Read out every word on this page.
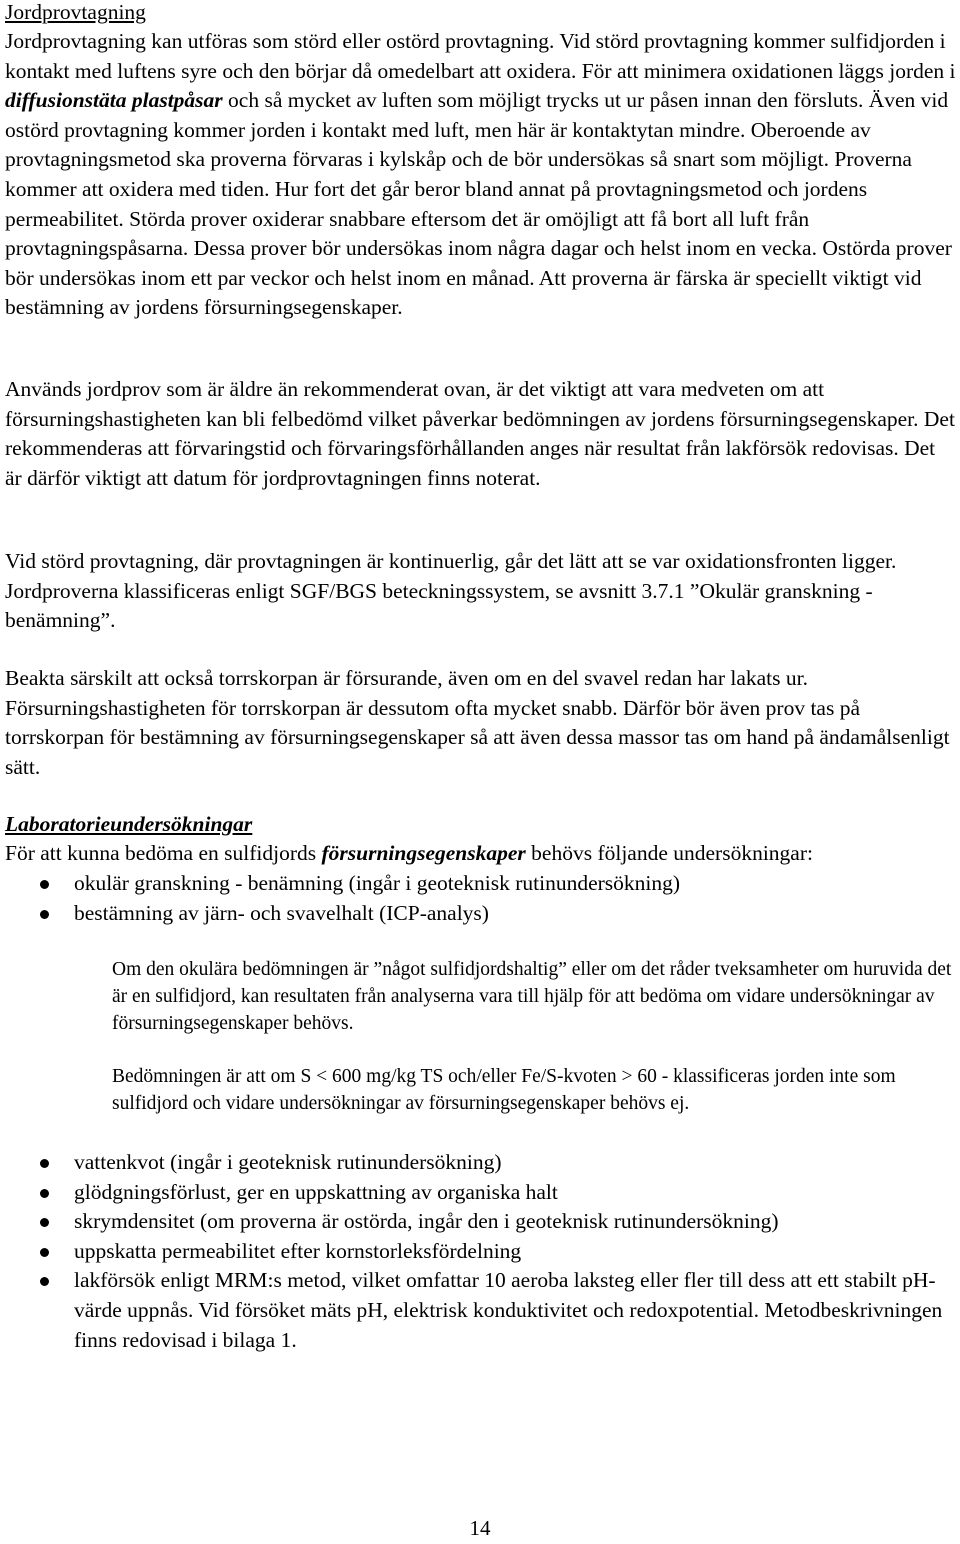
Jordprovtagning

Jordprovtagning kan utföras som störd eller ostörd provtagning. Vid störd provtagning kommer sulfidjorden i kontakt med luftens syre och den börjar då omedelbart att oxidera. För att minimera oxidationen läggs jorden i diffusionstäta plastpåsar och så mycket av luften som möjligt trycks ut ur påsen innan den försluts. Även vid ostörd provtagning kommer jorden i kontakt med luft, men här är kontaktytan mindre. Oberoende av provtagningsmetod ska proverna förvaras i kylskåp och de bör undersökas så snart som möjligt. Proverna kommer att oxidera med tiden. Hur fort det går beror bland annat på provtagningsmetod och jordens permeabilitet. Störda prover oxiderar snabbare eftersom det är omöjligt att få bort all luft från provtagningspåsarna. Dessa prover bör undersökas inom några dagar och helst inom en vecka. Ostörda prover bör undersökas inom ett par veckor och helst inom en månad. Att proverna är färska är speciellt viktigt vid bestämning av jordens försurningsegenskaper.

Används jordprov som är äldre än rekommenderat ovan, är det viktigt att vara medveten om att försurningshastigheten kan bli felbedömd vilket påverkar bedömningen av jordens försurningsegenskaper. Det rekommenderas att förvaringstid och förvaringsförhållanden anges när resultat från lakförsök redovisas. Det är därför viktigt att datum för jordprovtagningen finns noterat.

Vid störd provtagning, där provtagningen är kontinuerlig, går det lätt att se var oxidationsfronten ligger. Jordproverna klassificeras enligt SGF/BGS beteckningssystem, se avsnitt 3.7.1 ”Okulär granskning - benämning”.

Beakta särskilt att också torrskorpan är försurande, även om en del svavel redan har lakats ur. Försurningshastigheten för torrskorpan är dessutom ofta mycket snabb. Därför bör även prov tas på torrskorpan för bestämning av försurningsegenskaper så att även dessa massor tas om hand på ändamålsenligt sätt.

Laboratorieundersökningar

För att kunna bedöma en sulfidjords försurningsegenskaper behövs följande undersökningar:

okulär granskning - benämning (ingår i geoteknisk rutinundersökning)
bestämning av järn- och svavelhalt (ICP-analys)
Om den okulära bedömningen är ”något sulfidjordshaltig” eller om det råder tveksamheter om huruvida det är en sulfidjord, kan resultaten från analyserna vara till hjälp för att bedöma om vidare undersökningar av försurningsegenskaper behövs.
Bedömningen är att om S < 600 mg/kg TS och/eller Fe/S-kvoten > 60 - klassificeras jorden inte som sulfidjord och vidare undersökningar av försurningsegenskaper behövs ej.
vattenkvot (ingår i geoteknisk rutinundersökning)
glödgningsförlust, ger en uppskattning av organiska halt
skrymdensitet (om proverna är ostörda, ingår den i geoteknisk rutinundersökning)
uppskatta permeabilitet efter kornstorleksfördelning
lakförsök enligt MRM:s metod, vilket omfattar 10 aeroba laksteg eller fler till dess att ett stabilt pH-värde uppnås. Vid försöket mäts pH, elektrisk konduktivitet och redoxpotential. Metodbeskrivningen finns redovisad i bilaga 1.
14
